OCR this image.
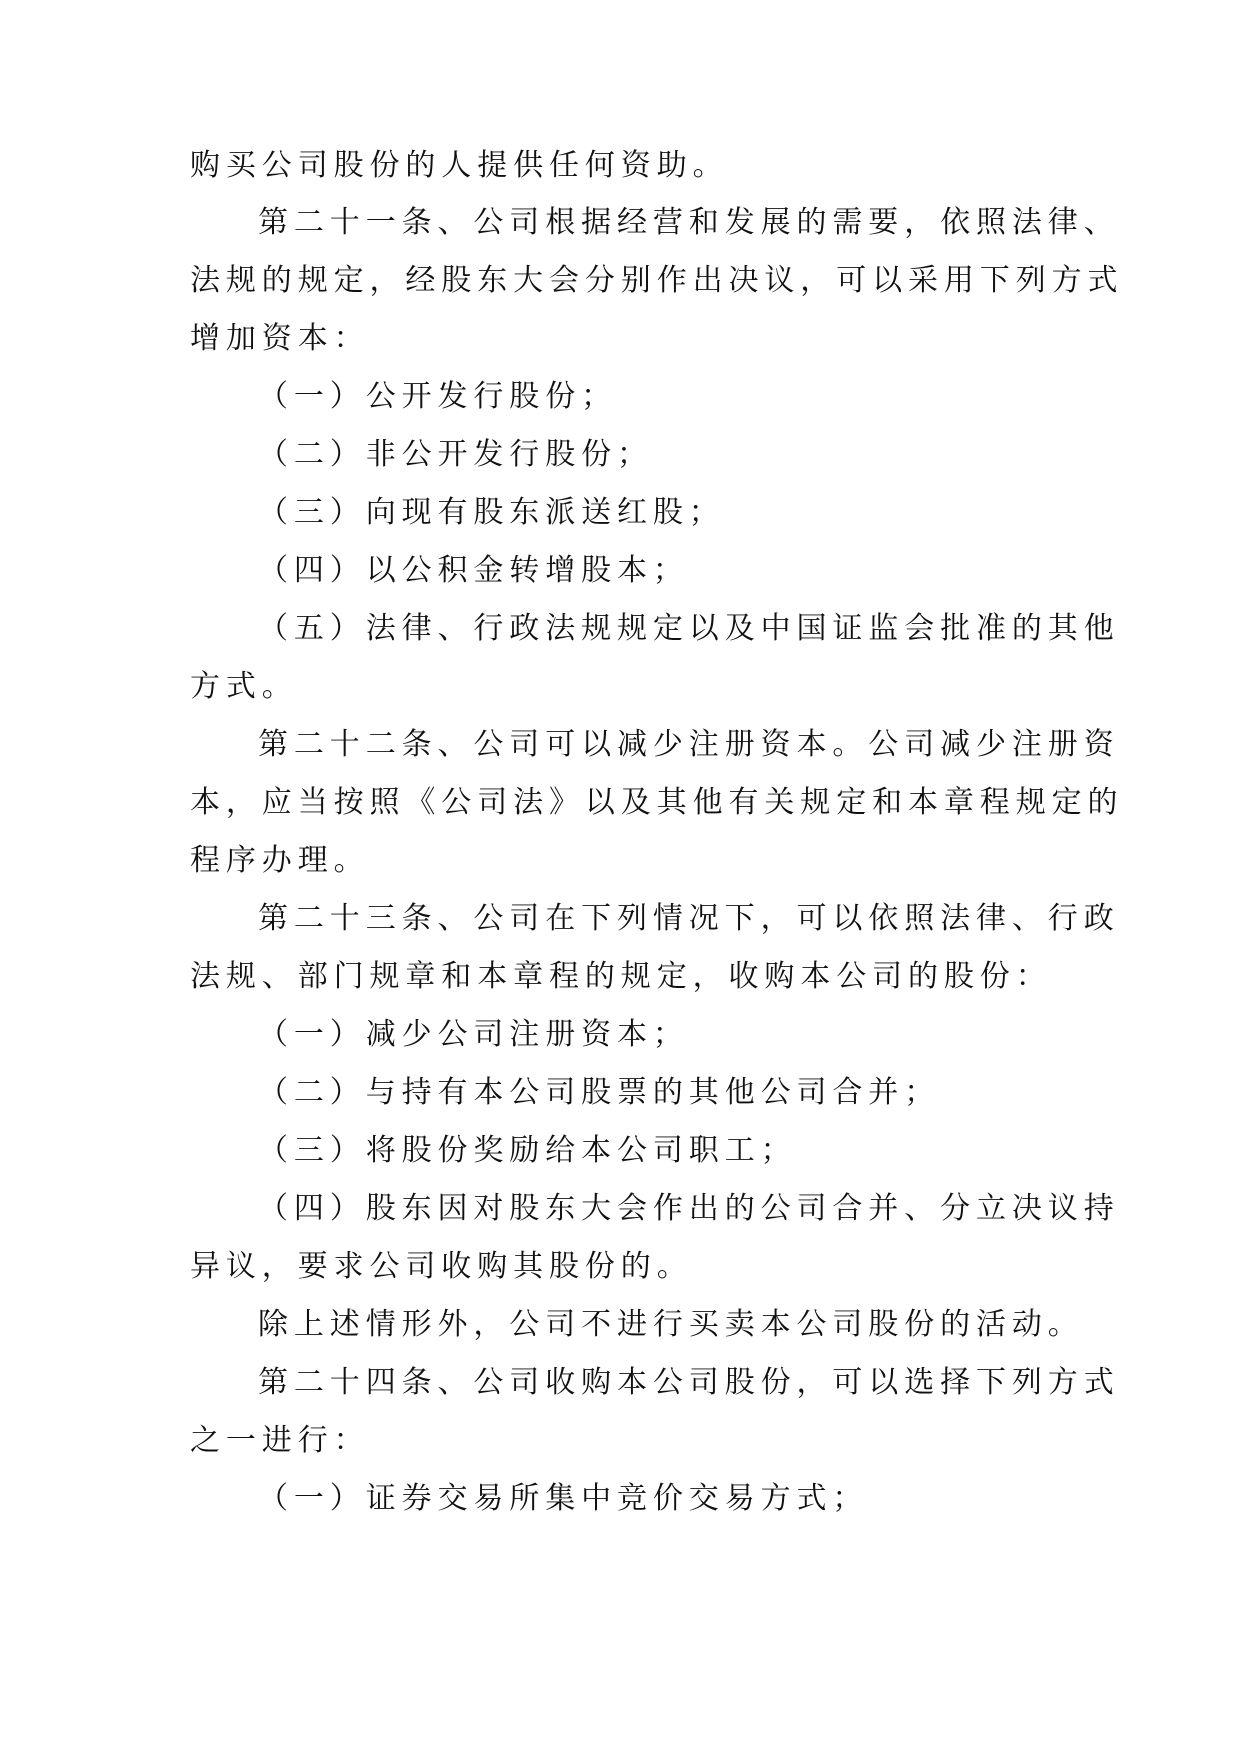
购买公司股份的人提供任何资助。
第二十一条、公司根据经营和发展的需要，依照法律、
法规的规定，经股东大会分别作出决议，可以采用下列方式
增加资本：
（一）公开发行股份；
（二）非公开发行股份；
（三）向现有股东派送红股；
（四）以公积金转增股本；
（五）法律、行政法规规定以及中国证监会批准的其他
方式。
第二十二条、公司可以减少注册资本。公司减少注册资
本，应当按照《公司法》以及其他有关规定和本章程规定的
程序办理。
第二十三条、公司在下列情况下，可以依照法律、行政
法规、部门规章和本章程的规定，收购本公司的股份：
（一）减少公司注册资本；
（二）与持有本公司股票的其他公司合并；
（三）将股份奖励给本公司职工；
（四）股东因对股东大会作出的公司合并、分立决议持
异议，要求公司收购其股份的。
除上述情形外，公司不进行买卖本公司股份的活动。
第二十四条、公司收购本公司股份，可以选择下列方式
之一进行：
（一）证券交易所集中竞价交易方式；
